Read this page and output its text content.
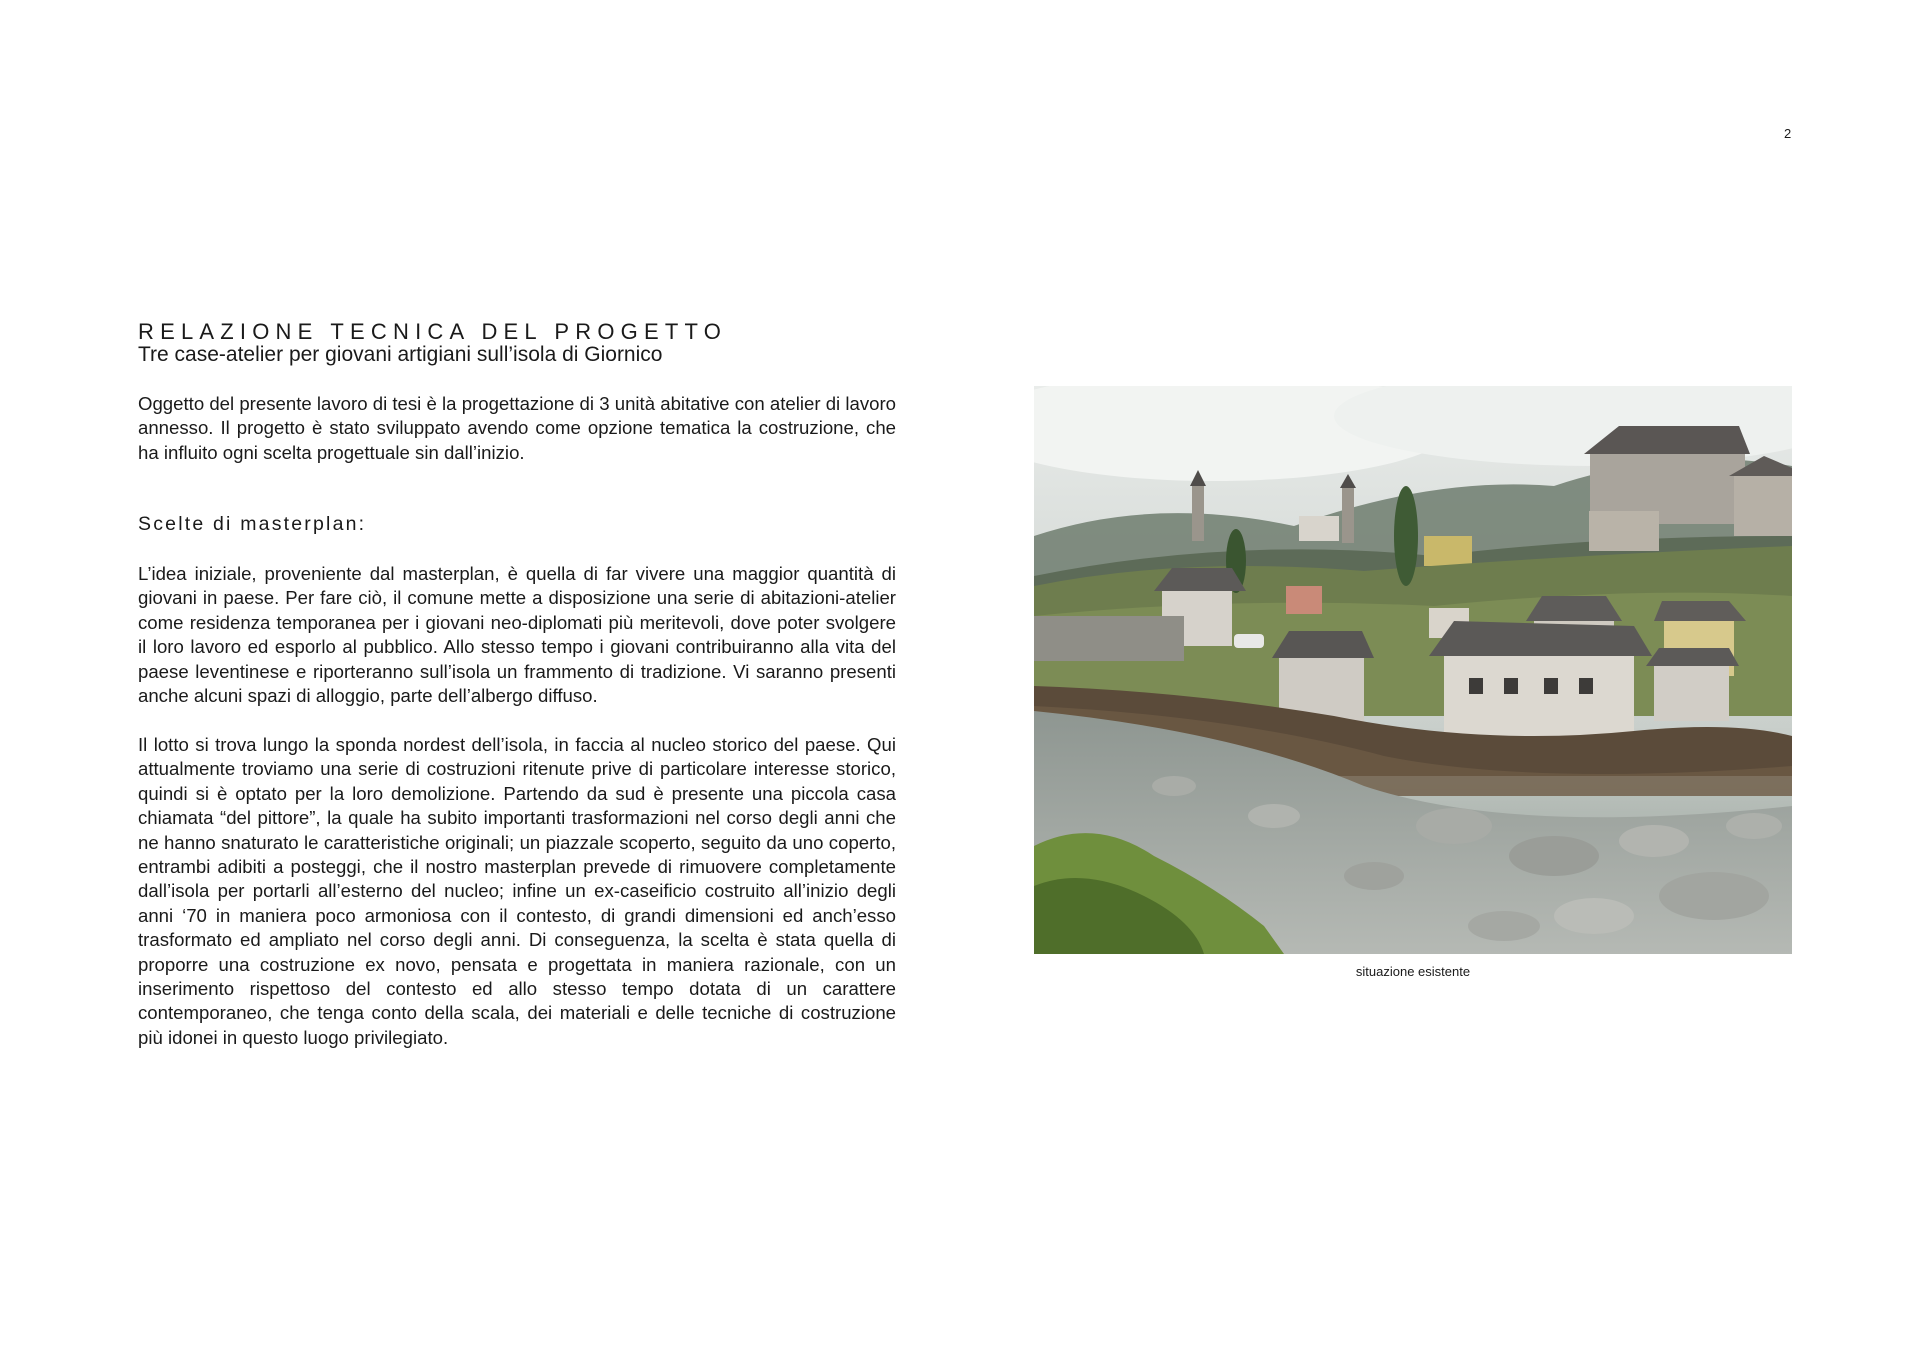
2
RELAZIONE TECNICA DEL PROGETTO
Tre case-atelier per giovani artigiani sull’isola di Giornico

Oggetto del presente lavoro di tesi è la progettazione di 3 unità abitative con atelier di lavoro annesso. Il progetto è stato sviluppato avendo come opzione tematica la costruzione, che ha influito ogni scelta progettuale sin dall’inizio.

Scelte di masterplan:

L’idea iniziale, proveniente dal masterplan, è quella di far vivere una maggior quantità di giovani in paese. Per fare ciò, il comune mette a disposizione una serie di abitazioni-atelier come residenza temporanea per i giovani neo-diplomati più meritevoli, dove poter svolgere il loro lavoro ed esporlo al pubblico. Allo stesso tempo i giovani contribuiranno alla vita del paese leventinese e riporteranno sull’isola un frammento di tradizione. Vi saranno presenti anche alcuni spazi di alloggio, parte dell’albergo diffuso.

Il lotto si trova lungo la sponda nordest dell’isola, in faccia al nucleo storico del paese. Qui attualmente troviamo una serie di costruzioni ritenute prive di particolare interesse storico, quindi si è optato per la loro demolizione. Partendo da sud è presente una piccola casa chiamata “del pittore”, la quale ha subito importanti trasformazioni nel corso degli anni che ne hanno snaturato le caratteristiche originali; un piazzale scoperto, seguito da uno coperto, entrambi adibiti a posteggi, che il nostro masterplan prevede di rimuovere completamente dall’isola per portarli all’esterno del nucleo; infine un ex-caseificio costruito all’inizio degli anni ‘70 in maniera poco armoniosa con il contesto, di grandi dimensioni ed anch’esso trasformato ed ampliato nel corso degli anni. Di conseguenza, la scelta è stata quella di proporre una costruzione ex novo, pensata e progettata in maniera razionale, con un inserimento rispettoso del contesto ed allo stesso tempo dotata di un carattere contemporaneo, che tenga conto della scala, dei materiali e delle tecniche di costruzione più idonei in questo luogo privilegiato.

situazione esistente
